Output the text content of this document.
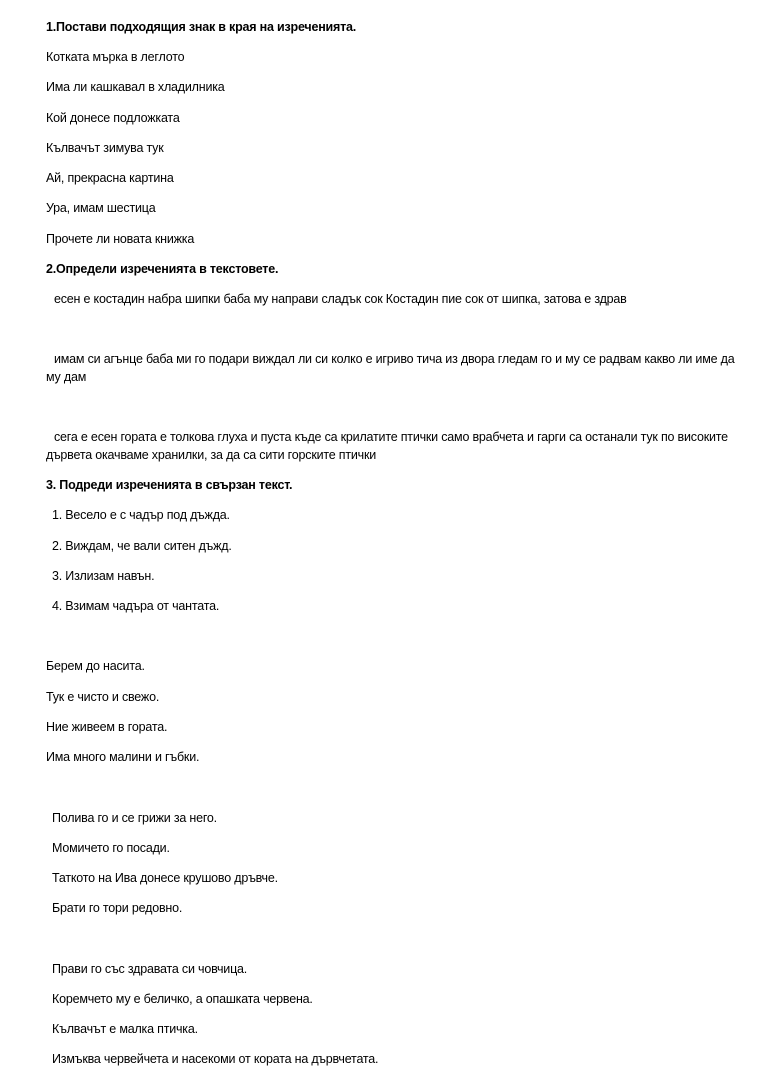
1.Постави подходящия знак в края на изреченията.

Котката мърка в леглото

Има ли кашкавал в хладилника

Кой донесе подложката

Кълвачът зимува тук

Ай, прекрасна картина

Ура, имам шестица

Прочете ли новата книжка

2.Определи изреченията в текстовете.

есен е костадин набра шипки баба му направи сладък сок Костадин пие сок от шипка, затова е здрав

имам си агънце баба ми го подари виждал ли си колко е игриво тича из двора гледам го и му се радвам какво ли име да му дам

сега е есен гората е толкова глуха и пуста къде са крилатите птички само врабчета и гарги са останали тук по високите дървета окачваме хранилки, за да са сити горските птички

3. Подреди изреченията в свързан текст.

1. Весело е с чадър под дъжда.

2. Виждам, че вали ситен дъжд.

3. Излизам навън.

4. Взимам чадъра от чантата.

Берем до насита.

Тук е чисто и свежо.

Ние живеем в гората.

Има много малини и гъбки.

Полива го и се грижи за него.

Момичето го посади.

Таткото на Ива донесе крушово дръвче.

Брати го тори редовно.

Прави го със здравата си човчица.

Коремчето му е беличко, а опашката червена.

Кълвачът е малка птичка.

Измъква червейчета и насекоми от кората на дървчетата.
